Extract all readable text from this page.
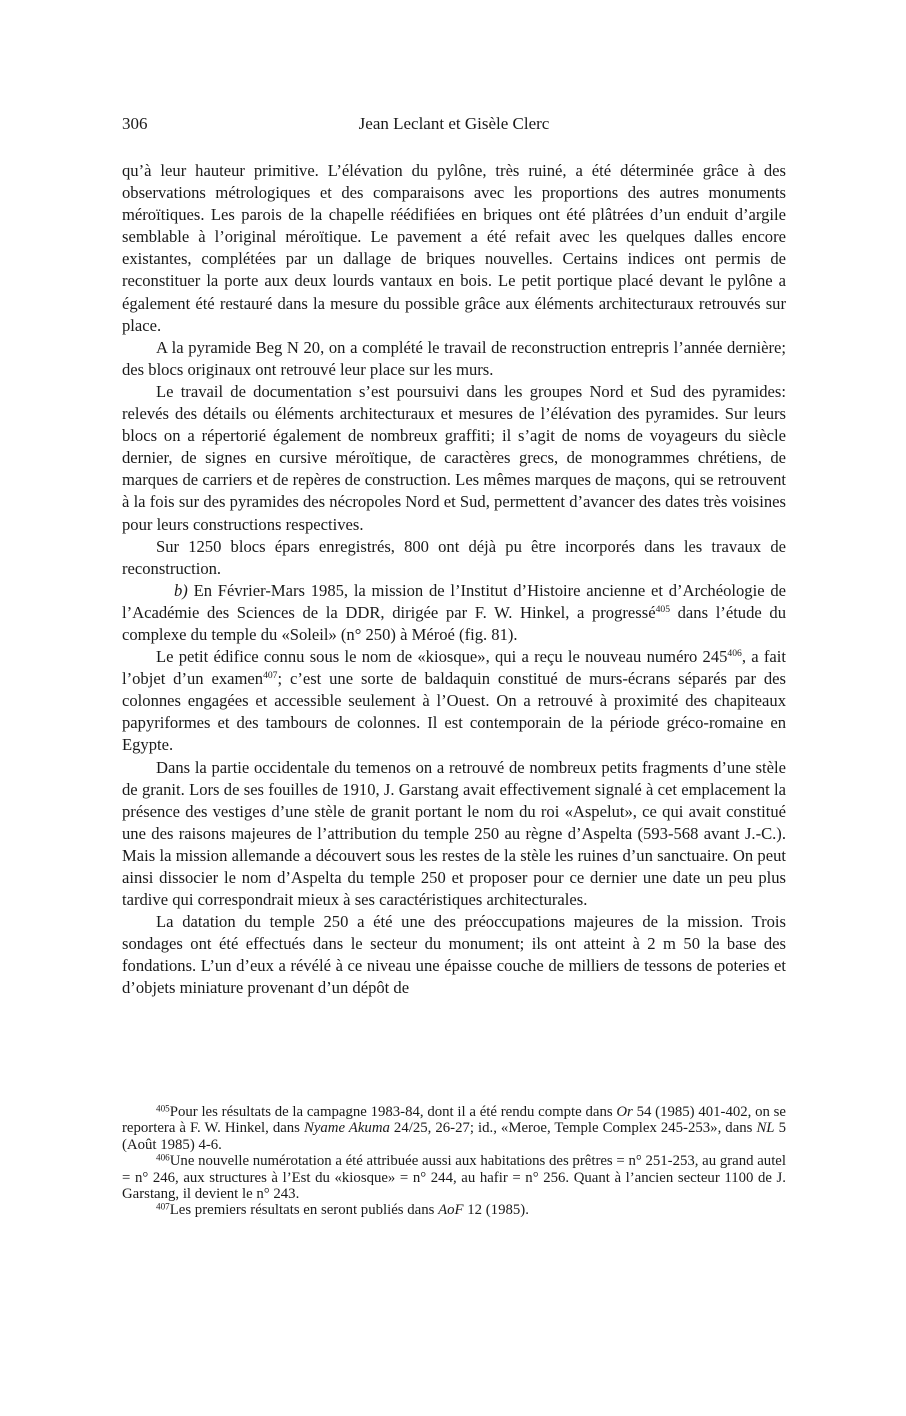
306	Jean Leclant et Gisèle Clerc

qu’à leur hauteur primitive. L’élévation du pylône, très ruiné, a été déterminée grâce à des observations métrologiques et des comparaisons avec les proportions des autres monuments méroïtiques. Les parois de la chapelle réédifiées en briques ont été plâtrées d’un enduit d’argile semblable à l’original méroïtique. Le pavement a été refait avec les quelques dalles encore existantes, complétées par un dallage de briques nouvelles. Certains indices ont permis de reconstituer la porte aux deux lourds vantaux en bois. Le petit portique placé devant le pylône a également été restauré dans la mesure du possible grâce aux éléments architecturaux retrouvés sur place.

A la pyramide Beg N 20, on a complété le travail de reconstruction entrepris l’année dernière; des blocs originaux ont retrouvé leur place sur les murs.

Le travail de documentation s’est poursuivi dans les groupes Nord et Sud des pyramides: relevés des détails ou éléments architecturaux et mesures de l’élévation des pyramides. Sur leurs blocs on a répertorié également de nombreux graffiti; il s’agit de noms de voyageurs du siècle dernier, de signes en cursive méroïtique, de caractères grecs, de monogrammes chrétiens, de marques de carriers et de repères de construction. Les mêmes marques de maçons, qui se retrouvent à la fois sur des pyramides des nécropoles Nord et Sud, permettent d’avancer des dates très voisines pour leurs constructions respectives.

Sur 1250 blocs épars enregistrés, 800 ont déjà pu être incorporés dans les travaux de reconstruction.

b) En Février-Mars 1985, la mission de l’Institut d’Histoire ancienne et d’Archéologie de l’Académie des Sciences de la DDR, dirigée par F. W. Hinkel, a progressé$^{405}$ dans l’étude du complexe du temple du «Soleil» (n° 250) à Méroé (fig. 81).

Le petit édifice connu sous le nom de «kiosque», qui a reçu le nouveau numéro $245^{406}$, a fait l’objet d’un examen$^{407}$; c’est une sorte de baldaquin constitué de murs-écrans séparés par des colonnes engagées et accessible seulement à l’Ouest. On a retrouvé à proximité des chapiteaux papyriformes et des tambours de colonnes. Il est contemporain de la période gréco-romaine en Egypte.

Dans la partie occidentale du temenos on a retrouvé de nombreux petits fragments d’une stèle de granit. Lors de ses fouilles de 1910, J. Garstang avait effectivement signalé à cet emplacement la présence des vestiges d’une stèle de granit portant le nom du roi «Aspelut», ce qui avait constitué une des raisons majeures de l’attribution du temple 250 au règne d’Aspelta (593-568 avant J.-C.). Mais la mission allemande a découvert sous les restes de la stèle les ruines d’un sanctuaire. On peut ainsi dissocier le nom d’Aspelta du temple 250 et proposer pour ce dernier une date un peu plus tardive qui correspondrait mieux à ses caractéristiques architecturales.

La datation du temple 250 a été une des préoccupations majeures de la mission. Trois sondages ont été effectués dans le secteur du monument; ils ont atteint à 2 m 50 la base des fondations. L’un d’eux a révélé à ce niveau une épaisse couche de milliers de tessons de poteries et d’objets miniature provenant d’un dépôt de

$^{405}$Pour les résultats de la campagne 1983-84, dont il a été rendu compte dans Or 54 (1985) 401-402, on se reportera à F. W. Hinkel, dans Nyame Akuma 24/25, 26-27; id., «Meroe, Temple Complex 245-253», dans NL 5 (Août 1985) 4-6.

$^{406}$Une nouvelle numérotation a été attribuée aussi aux habitations des prêtres = n° 251-253, au grand autel = n° 246, aux structures à l’Est du «kiosque» = n° 244, au hafir = n° 256. Quant à l’ancien secteur 1100 de J. Garstang, il devient le n° 243.

$^{407}$Les premiers résultats en seront publiés dans AoF 12 (1985).
